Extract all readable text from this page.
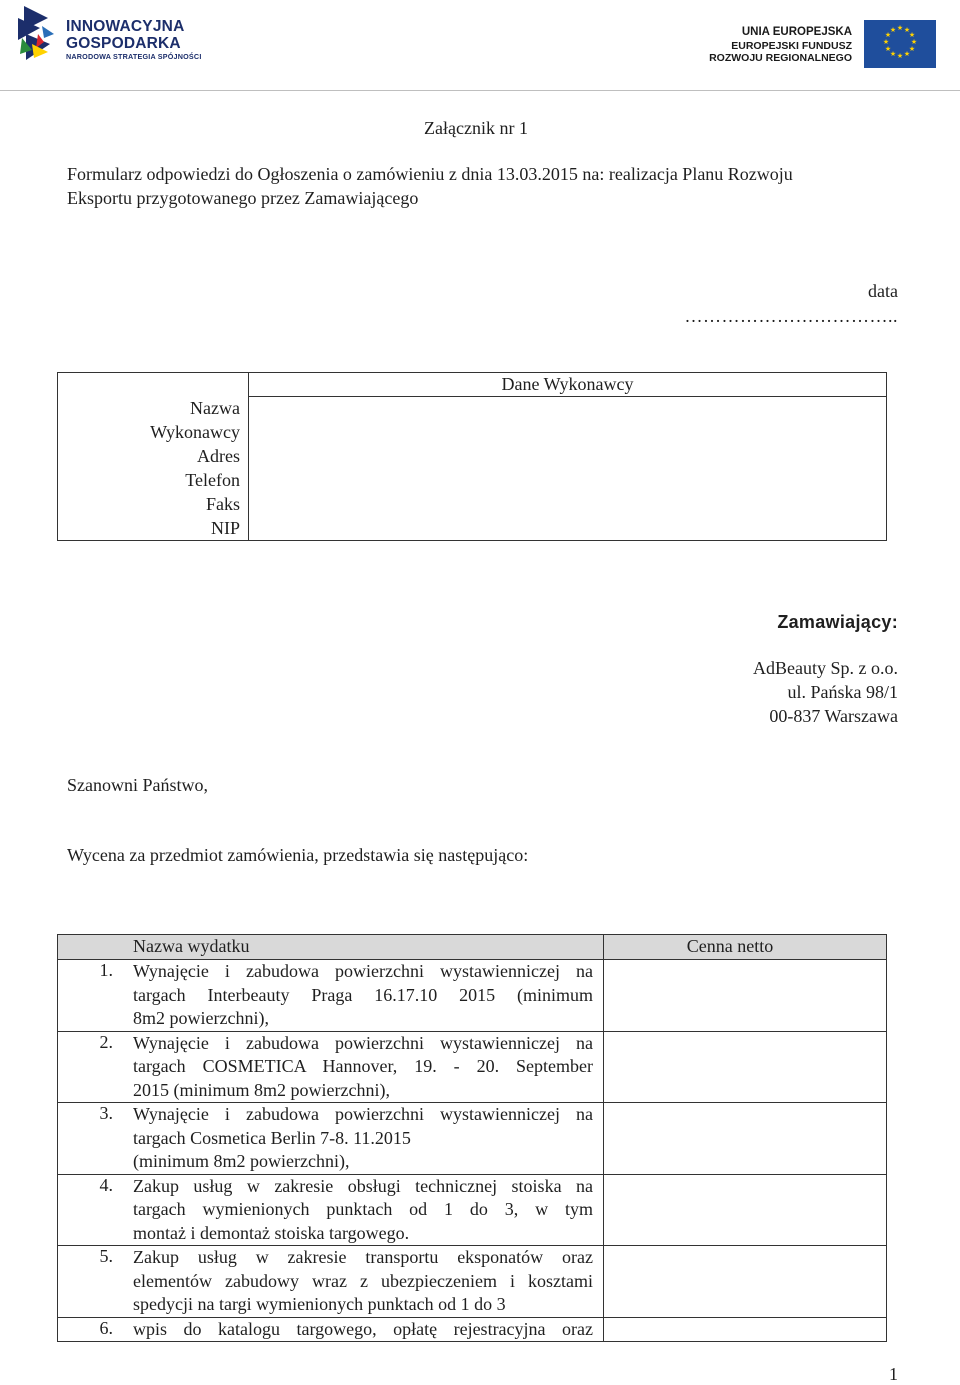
INNOWACYJNA
GOSPODARKA
NARODOWA STRATEGIA SPÓJNOŚCI
UNIA EUROPEJSKA
EUROPEJSKI FUNDUSZ
ROZWOJU REGIONALNEGO
★ ★
★
★
★
★
★
★
★
★
★
★
Załącznik nr 1
Formularz odpowiedzi do Ogłoszenia o zamówieniu z dnia 13.03.2015 na: realizacja Planu Rozwoju
Eksportu przygotowanego przez Zamawiającego
data
……………………………..
Nazwa
Wykonawcy
Adres
Telefon
Faks
NIP

Dane Wykonawcy
Zamawiający:
AdBeauty Sp. z o.o.
ul. Pańska 98/1
00-837 Warszawa
Szanowni Państwo,
Wycena za przedmiot zamówienia, przedstawia się następująco:
Nazwa wydatku	Cenna netto

1. Wynajęcie i zabudowa powierzchni wystawienniczej na
targach Interbeauty Praga 16.17.10 2015 (minimum
8m2 powierzchni),	

2. Wynajęcie i zabudowa powierzchni wystawienniczej na
targach COSMETICA Hannover, 19. - 20. September
2015 (minimum 8m2 powierzchni),	

3. Wynajęcie i zabudowa powierzchni wystawienniczej na
targach Cosmetica Berlin 7-8. 11.2015
(minimum 8m2 powierzchni),	

4. Zakup usług w zakresie obsługi technicznej stoiska na
targach wymienionych punktach od 1 do 3, w tym
montaż i demontaż stoiska targowego.	

5. Zakup usług w zakresie transportu eksponatów oraz
elementów zabudowy wraz z ubezpieczeniem i kosztami
spedycji na targi wymienionych punktach od 1 do 3	

6. wpis do katalogu targowego, opłatę rejestracyjna oraz	

1
